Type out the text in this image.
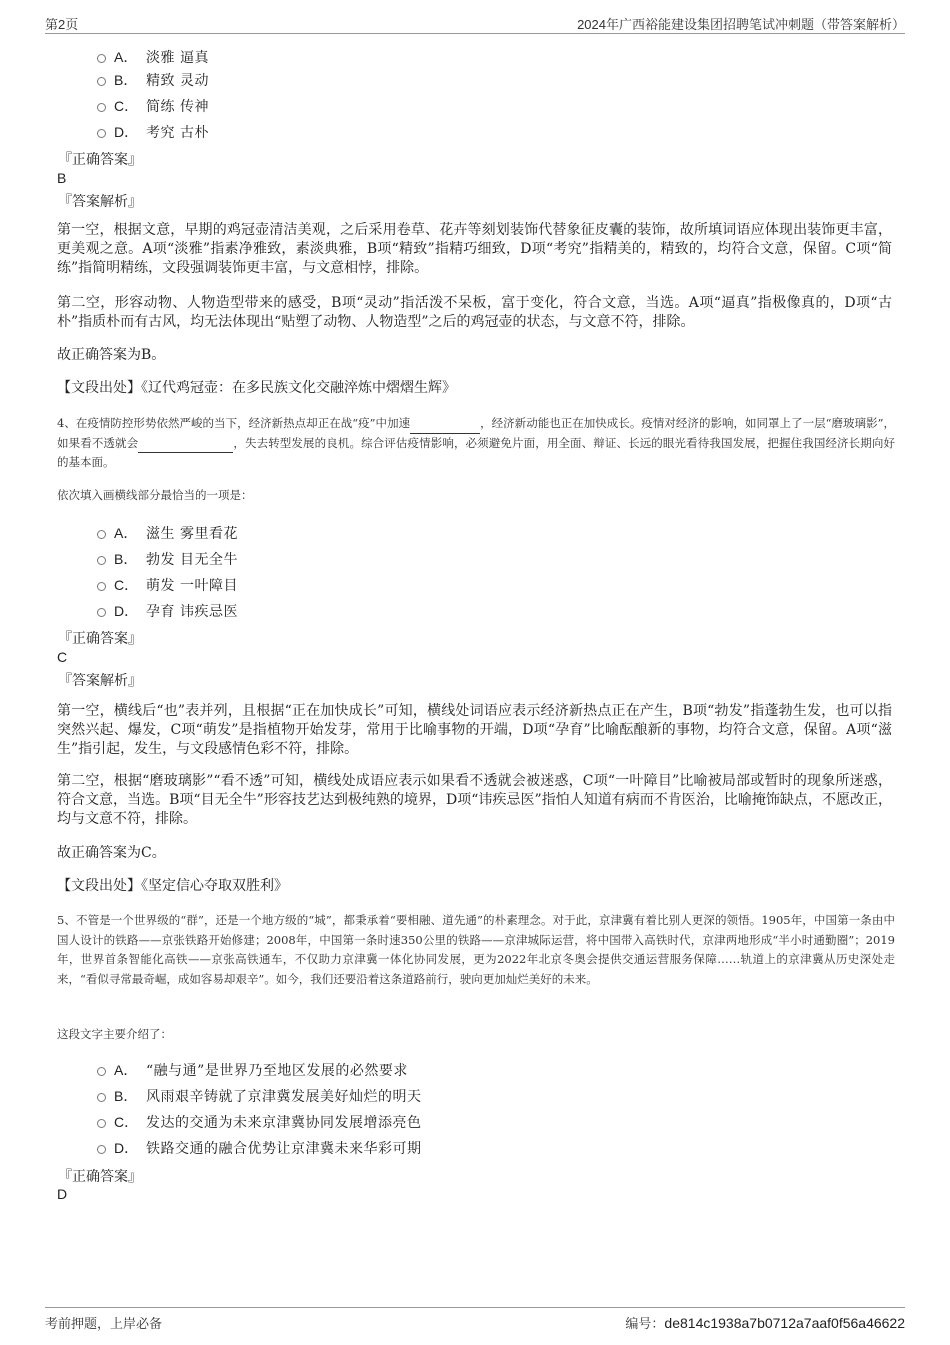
第2页	2024年广西裕能建设集团招聘笔试冲刺题（带答案解析）
A． 淡雅 逼真
B． 精致 灵动
C． 简练 传神
D． 考究 古朴
『正确答案』
B
『答案解析』
第一空，根据文意，早期的鸡冠壶清洁美观，之后采用卷草、花卉等刻划装饰代替象征皮囊的装饰，故所填词语应体现出装饰更丰富，更美观之意。A项“淡雅”指素净雅致，素淡典雅，B项“精致”指精巧细致，D项“考究”指精美的，精致的，均符合文意，保留。C项“简练”指简明精练，文段强调装饰更丰富，与文意相悖，排除。
第二空，形容动物、人物造型带来的感受，B项“灵动”指活泼不呆板，富于变化，符合文意，当选。A项“逼真”指极像真的，D项“古朴”指质朴而有古风，均无法体现出“贴塑了动物、人物造型”之后的鸡冠壶的状态，与文意不符，排除。
故正确答案为B。
【文段出处】《辽代鸡冠壶：在多民族文化交融淬炼中熠熠生辉》
4、在疫情防控形势依然严峻的当下，经济新热点却正在战“疫”中加速	，经济新动能也正在加快成长。疫情对经济的影响，如同罩上了一层“磨玻璃影”，如果看不透就会	，失去转型发展的良机。综合评估疫情影响，必须避免片面，用全面、辩证、长远的眼光看待我国发展，把握住我国经济长期向好的基本面。
依次填入画横线部分最恰当的一项是：
A． 滋生 雾里看花
B． 勃发 目无全牛
C． 萌发 一叶障目
D． 孕育 讳疾忌医
『正确答案』
C
『答案解析』
第一空，横线后“也”表并列，且根据“正在加快成长”可知，横线处词语应表示经济新热点正在产生，B项“勃发”指蓬勃生发，也可以指突然兴起、爆发，C项“萌发”是指植物开始发芽，常用于比喻事物的开端，D项“孕育”比喻酝酿新的事物，均符合文意，保留。A项“滋生”指引起，发生，与文段感情色彩不符，排除。
第二空，根据“磨玻璃影”“看不透”可知，横线处成语应表示如果看不透就会被迷惑，C项“一叶障目”比喻被局部或暂时的现象所迷惑，符合文意，当选。B项“目无全牛”形容技艺达到极纯熟的境界，D项“讳疾忌医”指怕人知道有病而不肯医治，比喻掩饰缺点，不愿改正，均与文意不符，排除。
故正确答案为C。
【文段出处】《坚定信心夺取双胜利》
5、不管是一个世界级的“群”，还是一个地方级的“城”，都秉承着“要相融、道先通”的朴素理念。对于此，京津冀有着比别人更深的领悟。1905年，中国第一条由中国人设计的铁路——京张铁路开始修建；2008年，中国第一条时速350公里的铁路——京津城际运营，将中国带入高铁时代，京津两地形成“半小时通勤圈”；2019年，世界首条智能化高铁——京张高铁通车，不仅助力京津冀一体化协同发展，更为2022年北京冬奥会提供交通运营服务保障……轨道上的京津冀从历史深处走来，“看似寻常最奇崛，成如容易却艰辛”。如今，我们还要沿着这条道路前行，驶向更加灿烂美好的未来。
这段文字主要介绍了：
A． “融与通”是世界乃至地区发展的必然要求
B． 风雨艰辛铸就了京津冀发展美好灿烂的明天
C． 发达的交通为未来京津冀协同发展增添亮色
D． 铁路交通的融合优势让京津冀未来华彩可期
『正确答案』
D
考前押题，上岸必备	编号：de814c1938a7b0712a7aaf0f56a46622
